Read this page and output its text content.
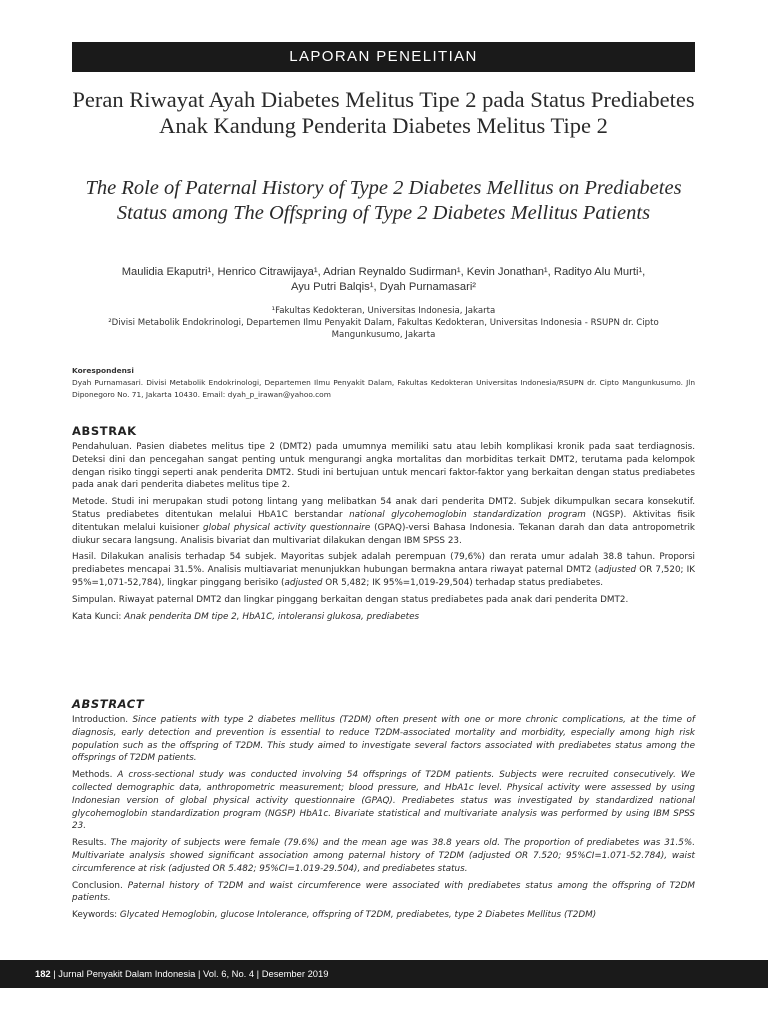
LAPORAN PENELITIAN
Peran Riwayat Ayah Diabetes Melitus Tipe 2 pada Status Prediabetes Anak Kandung Penderita Diabetes Melitus Tipe 2
The Role of Paternal History of Type 2 Diabetes Mellitus on Prediabetes Status among The Offspring of Type 2 Diabetes Mellitus Patients
Maulidia Ekaputri¹, Henrico Citrawijaya¹, Adrian Reynaldo Sudirman¹, Kevin Jonathan¹, Radityo Alu Murti¹,
Ayu Putri Balqis¹, Dyah Purnamasari²
¹Fakultas Kedokteran, Universitas Indonesia, Jakarta
²Divisi Metabolik Endokrinologi, Departemen Ilmu Penyakit Dalam, Fakultas Kedokteran, Universitas Indonesia - RSUPN dr. Cipto Mangunkusumo, Jakarta
Korespondensi
Dyah Purnamasari. Divisi Metabolik Endokrinologi, Departemen Ilmu Penyakit Dalam, Fakultas Kedokteran Universitas Indonesia/RSUPN dr. Cipto Mangunkusumo. Jln Diponegoro No. 71, Jakarta 10430. Email: dyah_p_irawan@yahoo.com
ABSTRAK

Pendahuluan. Pasien diabetes melitus tipe 2 (DMT2) pada umumnya memiliki satu atau lebih komplikasi kronik pada saat terdiagnosis. Deteksi dini dan pencegahan sangat penting untuk mengurangi angka mortalitas dan morbiditas terkait DMT2, terutama pada kelompok dengan risiko tinggi seperti anak penderita DMT2. Studi ini bertujuan untuk mencari faktor-faktor yang berkaitan dengan status prediabetes pada anak dari penderita diabetes melitus tipe 2.

Metode. Studi ini merupakan studi potong lintang yang melibatkan 54 anak dari penderita DMT2. Subjek dikumpulkan secara konsekutif. Status prediabetes ditentukan melalui HbA1C berstandar national glycohemoglobin standardization program (NGSP). Aktivitas fisik ditentukan melalui kuisioner global physical activity questionnaire (GPAQ)-versi Bahasa Indonesia. Tekanan darah dan data antropometrik diukur secara langsung. Analisis bivariat dan multivariat dilakukan dengan IBM SPSS 23.

Hasil. Dilakukan analisis terhadap 54 subjek. Mayoritas subjek adalah perempuan (79,6%) dan rerata umur adalah 38.8 tahun. Proporsi prediabetes mencapai 31.5%. Analisis multiavariat menunjukkan hubungan bermakna antara riwayat paternal DMT2 (adjusted OR 7,520; IK 95%=1,071-52,784), lingkar pinggang berisiko (adjusted OR 5,482; IK 95%=1,019-29,504) terhadap status prediabetes.

Simpulan. Riwayat paternal DMT2 dan lingkar pinggang berkaitan dengan status prediabetes pada anak dari penderita DMT2.

Kata Kunci: Anak penderita DM tipe 2, HbA1C, intoleransi glukosa, prediabetes

ABSTRACT

Introduction. Since patients with type 2 diabetes mellitus (T2DM) often present with one or more chronic complications, at the time of diagnosis, early detection and prevention is essential to reduce T2DM-associated mortality and morbidity, especially among high risk population such as the offspring of T2DM. This study aimed to investigate several factors associated with prediabetes status among the offsprings of T2DM patients.

Methods. A cross-sectional study was conducted involving 54 offsprings of T2DM patients. Subjects were recruited consecutively. We collected demographic data, anthropometric measurement; blood pressure, and HbA1c level. Physical activity were assessed by using Indonesian version of global physical activity questionnaire (GPAQ). Prediabetes status was investigated by standardized national glycohemoglobin standardization program (NGSP) HbA1c. Bivariate statistical and multivariate analysis was performed by using IBM SPSS 23.

Results. The majority of subjects were female (79.6%) and the mean age was 38.8 years old. The proportion of prediabetes was 31.5%. Multivariate analysis showed significant association among paternal history of T2DM (adjusted OR 7.520; 95%CI=1.071-52.784), waist circumference at risk (adjusted OR 5.482; 95%CI=1.019-29.504), and prediabetes status.

Conclusion. Paternal history of T2DM and waist circumference were associated with prediabetes status among the offspring of T2DM patients.

Keywords: Glycated Hemoglobin, glucose Intolerance, offspring of T2DM, prediabetes, type 2 Diabetes Mellitus (T2DM)

182 | Jurnal Penyakit Dalam Indonesia | Vol. 6, No. 4 | Desember 2019
